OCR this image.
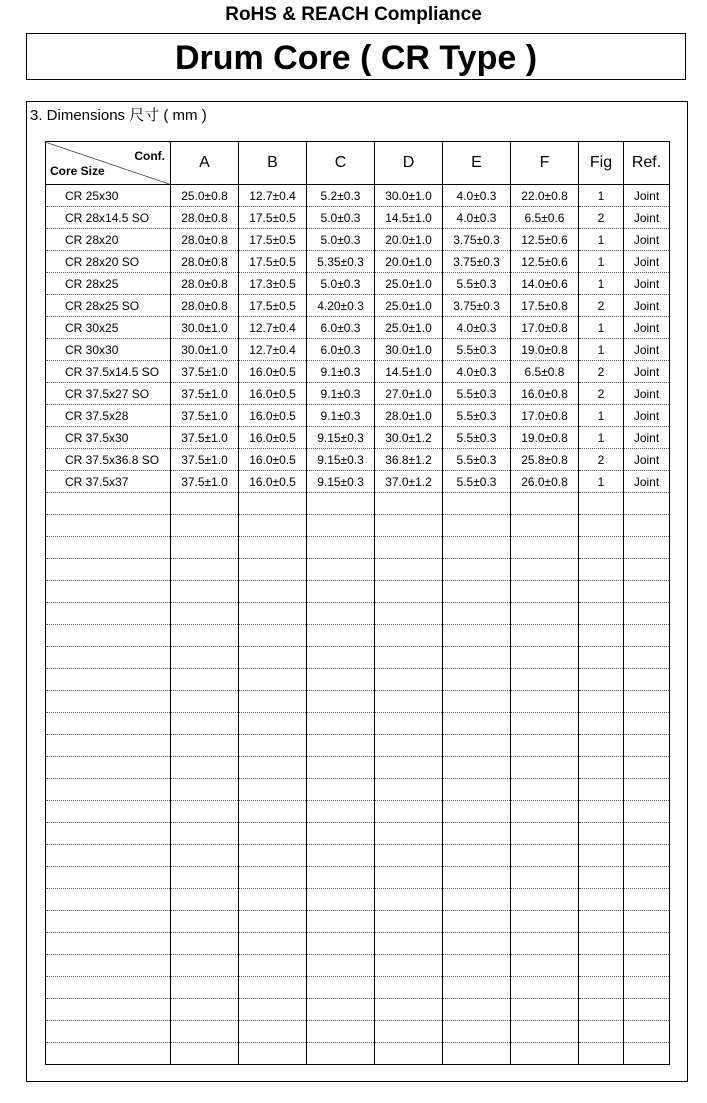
RoHS & REACH Compliance
Drum Core ( CR Type )
3. Dimensions 尺寸 ( mm )
Conf.
Core Size	A	B	C	D	E	F	Fig	Ref.
CR 25x30	25.0±0.8	12.7±0.4	5.2±0.3	30.0±1.0	4.0±0.3	22.0±0.8	1	Joint
CR 28x14.5 SO	28.0±0.8	17.5±0.5	5.0±0.3	14.5±1.0	4.0±0.3	6.5±0.6	2	Joint
CR 28x20	28.0±0.8	17.5±0.5	5.0±0.3	20.0±1.0	3.75±0.3	12.5±0.6	1	Joint
CR 28x20 SO	28.0±0.8	17.5±0.5	5.35±0.3	20.0±1.0	3.75±0.3	12.5±0.6	1	Joint
CR 28x25	28.0±0.8	17.3±0.5	5.0±0.3	25.0±1.0	5.5±0.3	14.0±0.6	1	Joint
CR 28x25 SO	28.0±0.8	17.5±0.5	4.20±0.3	25.0±1.0	3.75±0.3	17.5±0.8	2	Joint
CR 30x25	30.0±1.0	12.7±0.4	6.0±0.3	25.0±1.0	4.0±0.3	17.0±0.8	1	Joint
CR 30x30	30.0±1.0	12.7±0.4	6.0±0.3	30.0±1.0	5.5±0.3	19.0±0.8	1	Joint
CR 37.5x14.5 SO	37.5±1.0	16.0±0.5	9.1±0.3	14.5±1.0	4.0±0.3	6.5±0.8	2	Joint
CR 37.5x27 SO	37.5±1.0	16.0±0.5	9.1±0.3	27.0±1.0	5.5±0.3	16.0±0.8	2	Joint
CR 37.5x28	37.5±1.0	16.0±0.5	9.1±0.3	28.0±1.0	5.5±0.3	17.0±0.8	1	Joint
CR 37.5x30	37.5±1.0	16.0±0.5	9.15±0.3	30.0±1.2	5.5±0.3	19.0±0.8	1	Joint
CR 37.5x36.8 SO	37.5±1.0	16.0±0.5	9.15±0.3	36.8±1.2	5.5±0.3	25.8±0.8	2	Joint
CR 37.5x37	37.5±1.0	16.0±0.5	9.15±0.3	37.0±1.2	5.5±0.3	26.0±0.8	1	Joint
